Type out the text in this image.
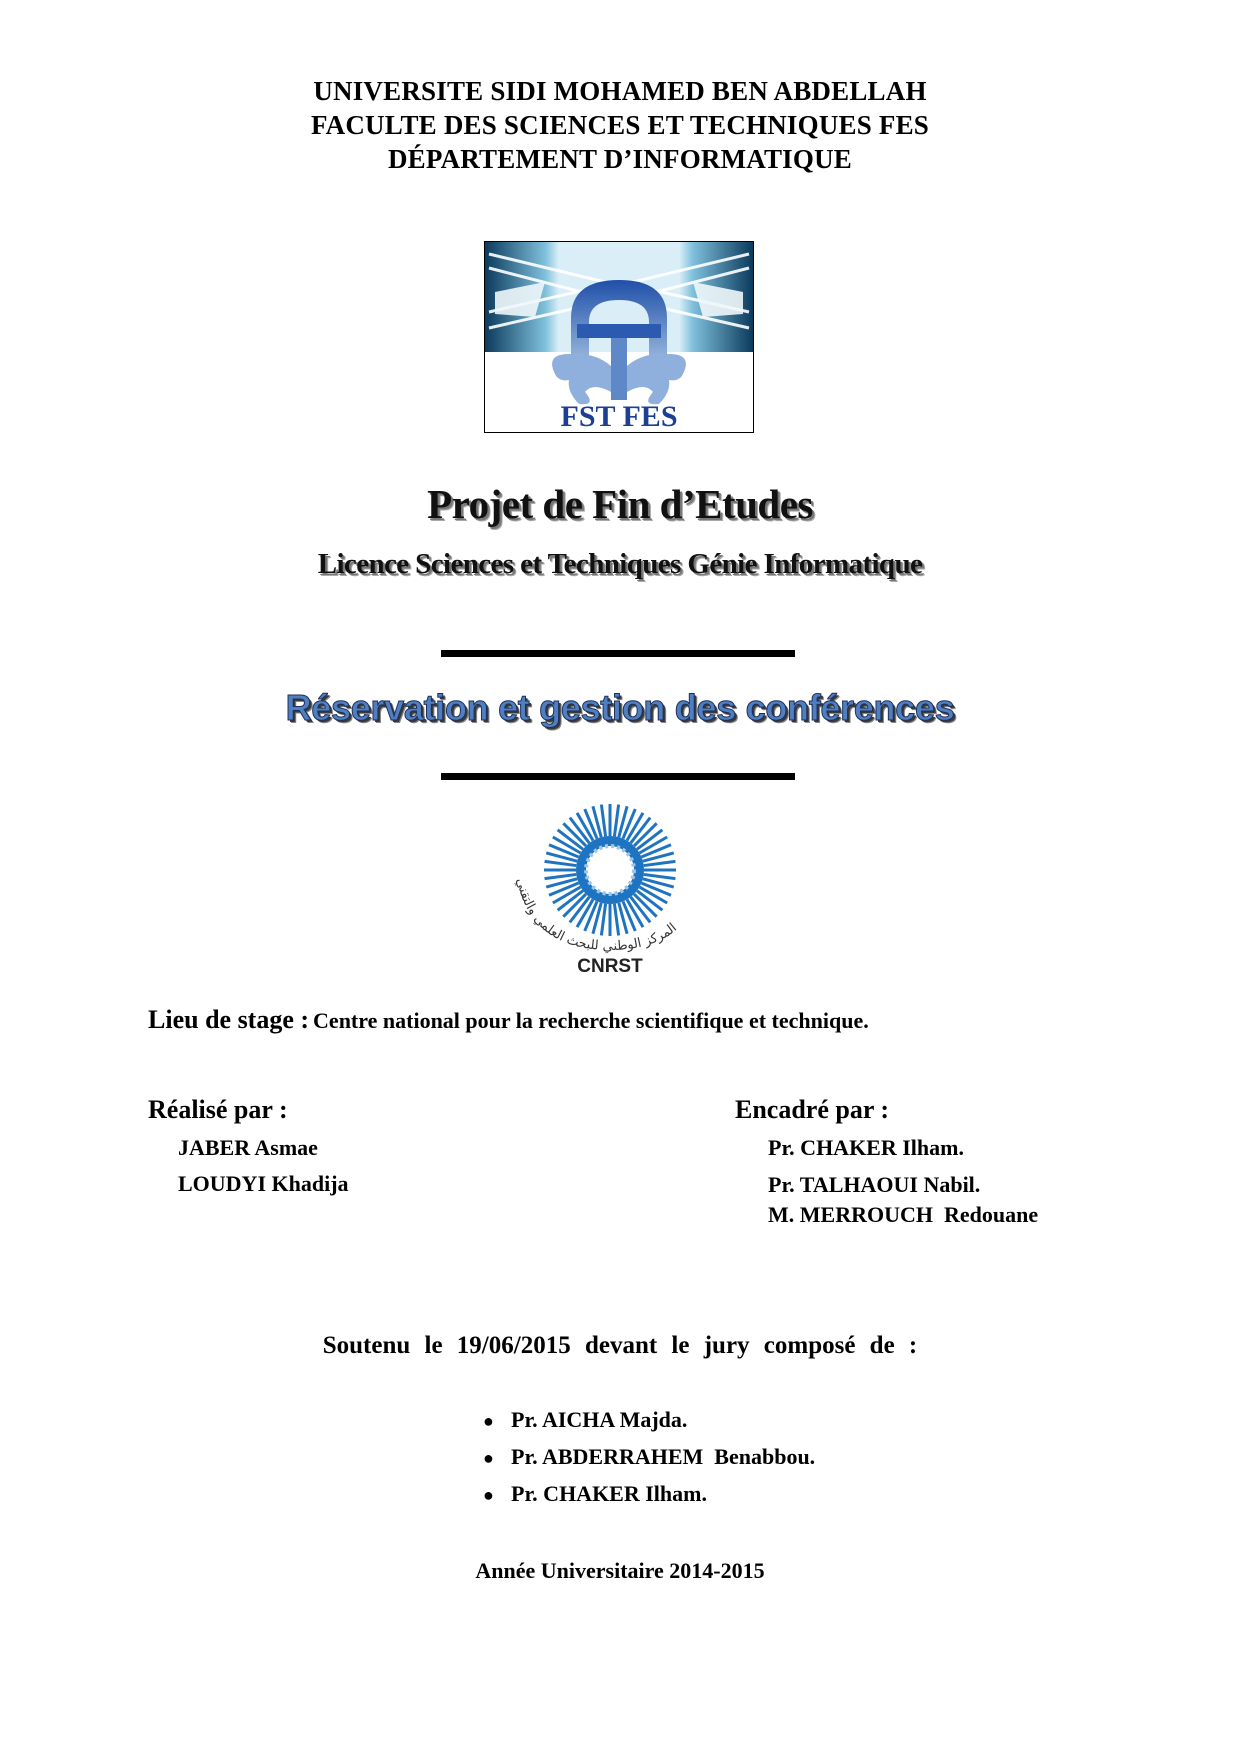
UNIVERSITE SIDI MOHAMED BEN ABDELLAH
FACULTE DES SCIENCES ET TECHNIQUES FES
DÉPARTEMENT D’INFORMATIQUE
FST FES
Projet de Fin d’Etudes
Licence Sciences et Techniques Génie Informatique
Réservation et gestion des conférences
المركز الوطني للبحث العلمي والتقني
CNRST
Lieu de stage : Centre national pour la recherche scientifique et technique.
Réalisé par :
JABER Asmae
LOUDYI Khadija
Encadré par :
Pr. CHAKER Ilham.
Pr. TALHAOUI Nabil.
M. MERROUCH  Redouane
Soutenu le 19/06/2015 devant le jury composé de :
● Pr. AICHA Majda.
● Pr. ABDERRAHEM  Benabbou.
● Pr. CHAKER Ilham.
Année Universitaire 2014-2015
